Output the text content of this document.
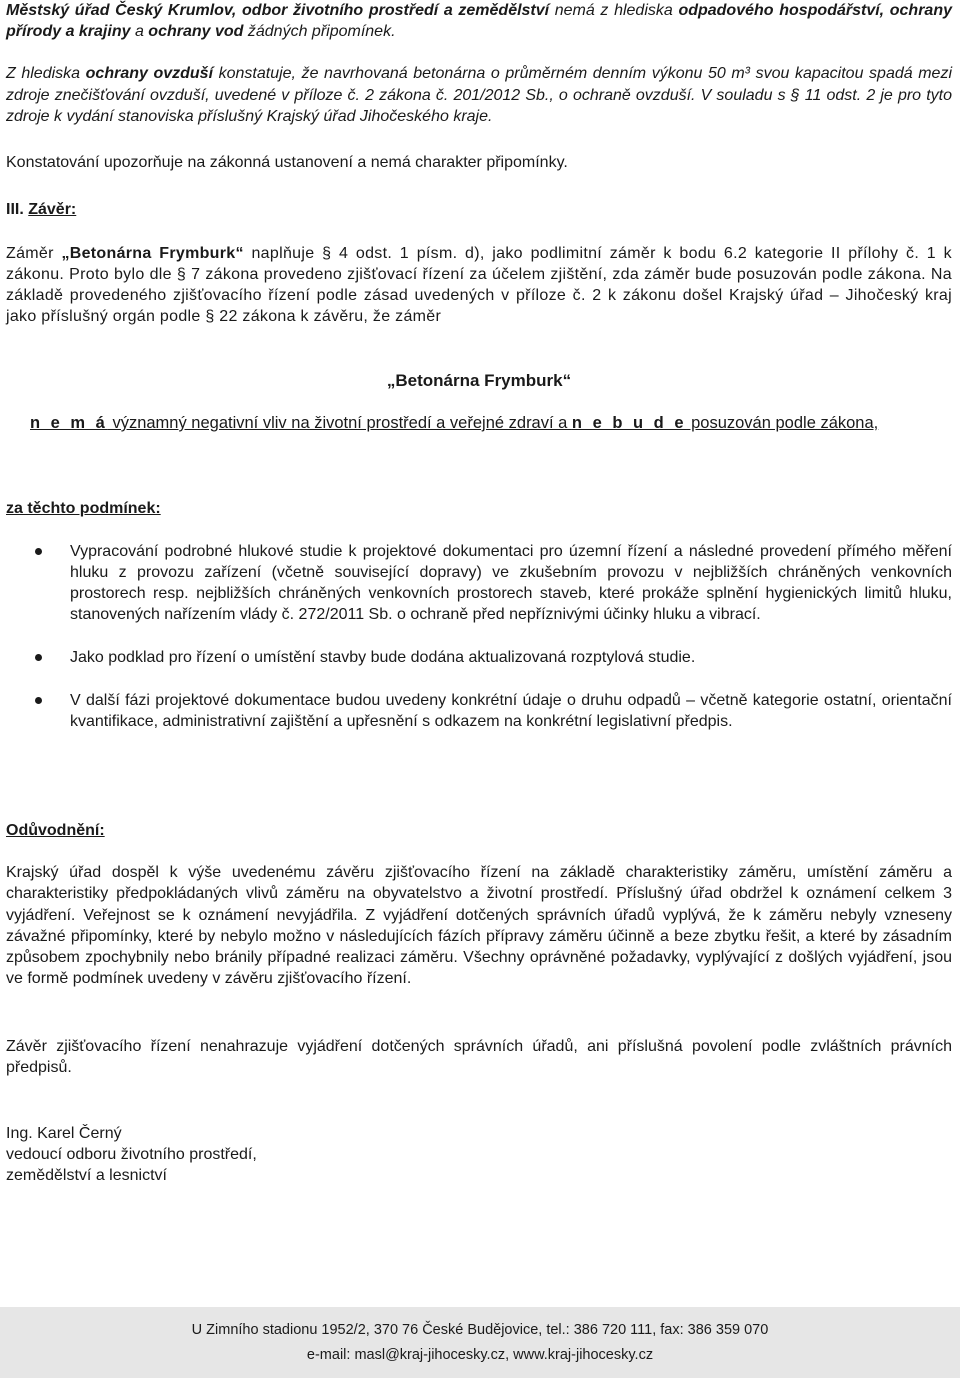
Městský úřad Český Krumlov, odbor životního prostředí a zemědělství nemá z hlediska odpadového hospodářství, ochrany přírody a krajiny a ochrany vod žádných připomínek.

Z hlediska ochrany ovzduší konstatuje, že navrhovaná betonárna o průměrném denním výkonu 50 m³ svou kapacitou spadá mezi zdroje znečišťování ovzduší, uvedené v příloze č. 2 zákona č. 201/2012 Sb., o ochraně ovzduší. V souladu s § 11 odst. 2 je pro tyto zdroje k vydání stanoviska příslušný Krajský úřad Jihočeského kraje.

Konstatování upozorňuje na zákonná ustanovení a nemá charakter připomínky.

III. Závěr:

Záměr „Betonárna Frymburk“ naplňuje § 4 odst. 1 písm. d), jako podlimitní záměr k bodu 6.2 kategorie II přílohy č. 1 k zákonu. Proto bylo dle § 7 zákona provedeno zjišťovací řízení za účelem zjištění, zda záměr bude posuzován podle zákona. Na základě provedeného zjišťovacího řízení podle zásad uvedených v příloze č. 2 k zákonu došel Krajský úřad – Jihočeský kraj jako příslušný orgán podle § 22 zákona k závěru, že záměr

„Betonárna Frymburk“

n e m á významný negativní vliv na životní prostředí a veřejné zdraví a n e b u d e posuzován podle zákona,

za těchto podmínek:

Vypracování podrobné hlukové studie k projektové dokumentaci pro územní řízení a následné provedení přímého měření hluku z provozu zařízení (včetně související dopravy) ve zkušebním provozu v nejbližších chráněných venkovních prostorech resp. nejbližších chráněných venkovních prostorech staveb, které prokáže splnění hygienických limitů hluku, stanovených nařízením vlády č. 272/2011 Sb. o ochraně před nepříznivými účinky hluku a vibrací.
Jako podklad pro řízení o umístění stavby bude dodána aktualizovaná rozptylová studie.
V další fázi projektové dokumentace budou uvedeny konkrétní údaje o druhu odpadů – včetně kategorie ostatní, orientační kvantifikace, administrativní zajištění a upřesnění s odkazem na konkrétní legislativní předpis.

Odůvodnění:

Krajský úřad dospěl k výše uvedenému závěru zjišťovacího řízení na základě charakteristiky záměru, umístění záměru a charakteristiky předpokládaných vlivů záměru na obyvatelstvo a životní prostředí. Příslušný úřad obdržel k oznámení celkem 3 vyjádření. Veřejnost se k oznámení nevyjádřila. Z vyjádření dotčených správních úřadů vyplývá, že k záměru nebyly vzneseny závažné připomínky, které by nebylo možno v následujících fázích přípravy záměru účinně a beze zbytku řešit, a které by zásadním způsobem zpochybnily nebo bránily případné realizaci záměru. Všechny oprávněné požadavky, vyplývající z došlých vyjádření, jsou ve formě podmínek uvedeny v závěru zjišťovacího řízení.

Závěr zjišťovacího řízení nenahrazuje vyjádření dotčených správních úřadů, ani příslušná povolení podle zvláštních právních předpisů.

Ing. Karel Černý
vedoucí odboru životního prostředí,
zemědělství a lesnictví
U Zimního stadionu 1952/2, 370 76 České Budějovice, tel.: 386 720 111, fax: 386 359 070
e-mail: masl@kraj-jihocesky.cz, www.kraj-jihocesky.cz
